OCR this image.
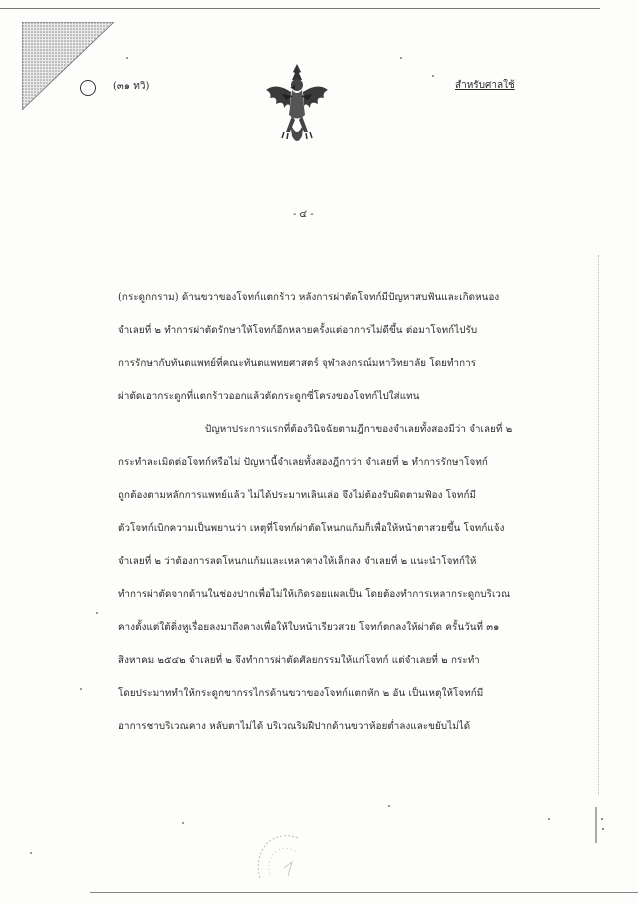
(๓๑ ทวิ)	สำหรับศาลใช้
- ๔ -
(กระดูกกราม) ด้านขวาของโจทก์แตกร้าว หลังการผ่าตัดโจทก์มีปัญหาสบฟันและเกิดหนอง
จำเลยที่ ๒ ทำการผ่าตัดรักษาให้โจทก์อีกหลายครั้งแต่อาการไม่ดีขึ้น ต่อมาโจทก์ไปรับ
การรักษากับทันตแพทย์ที่คณะทันตแพทยศาสตร์ จุฬาลงกรณ์มหาวิทยาลัย โดยทำการ
ผ่าตัดเอากระดูกที่แตกร้าวออกแล้วตัดกระดูกซี่โครงของโจทก์ไปใส่แทน
ปัญหาประการแรกที่ต้องวินิจฉัยตามฎีกาของจำเลยทั้งสองมีว่า จำเลยที่ ๒
กระทำละเมิดต่อโจทก์หรือไม่ ปัญหานี้จำเลยทั้งสองฎีกาว่า จำเลยที่ ๒ ทำการรักษาโจทก์
ถูกต้องตามหลักการแพทย์แล้ว ไม่ได้ประมาทเลินเล่อ จึงไม่ต้องรับผิดตามฟ้อง โจทก์มี
ตัวโจทก์เบิกความเป็นพยานว่า เหตุที่โจทก์ผ่าตัดโหนกแก้มก็เพื่อให้หน้าตาสวยขึ้น โจทก์แจ้ง
จำเลยที่ ๒ ว่าต้องการลดโหนกแก้มและเหลาคางให้เล็กลง จำเลยที่ ๒ แนะนำโจทก์ให้
ทำการผ่าตัดจากด้านในช่องปากเพื่อไม่ให้เกิดรอยแผลเป็น โดยต้องทำการเหลากระดูกบริเวณ
คางตั้งแต่ใต้ติ่งหูเรื่อยลงมาถึงคางเพื่อให้ใบหน้าเรียวสวย โจทก์ตกลงให้ผ่าตัด ครั้นวันที่ ๓๑
สิงหาคม ๒๕๔๒ จำเลยที่ ๒ จึงทำการผ่าตัดศัลยกรรมให้แก่โจทก์ แต่จำเลยที่ ๒ กระทำ
โดยประมาททำให้กระดูกขากรรไกรด้านขวาของโจทก์แตกหัก ๒ อัน เป็นเหตุให้โจทก์มี
อาการชาบริเวณคาง หลับตาไม่ได้ บริเวณริมฝีปากด้านขวาห้อยต่ำลงและขยับไม่ได้
